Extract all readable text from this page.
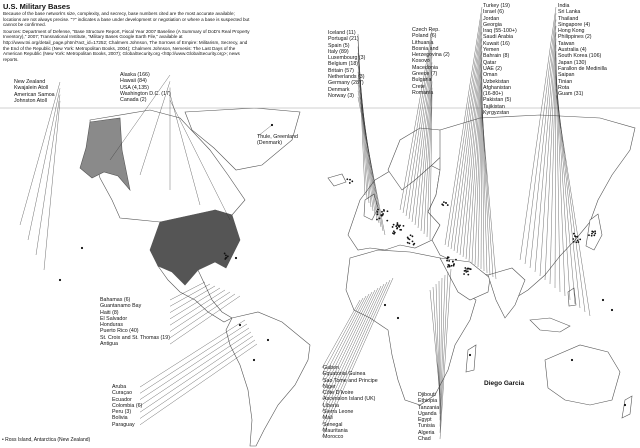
U.S. Military Bases

Because of the base network's size, complexity, and secrecy, base numbers cited are the most accurate available; locations are not always precise. "?" indicates a base under development or negotiation or where a base is suspected but cannot be confirmed.

Sources: Department of Defense, "Base Structure Report, Fiscal Year 2007 Baseline (A Summary of DoD's Real Property Inventory)," 2007; Transnational Institute, "Military Bases Google Earth File," available at http://www.tni.org/detail_page.phtml?act_id=17252; Chalmers Johnson, The Sorrows of Empire: Militarism, Secrecy, and the End of the Republic (New York: Metropolitan Books, 2004); Chalmers Johnson, Nemesis: The Last Days of the American Republic (New York: Metropolitan Books, 2007); GlobalSecurity.org <http://www.GlobalSecurity.org>; news reports.

New Zealand
Kwajalein Atoll
American Samoa
Johnston Atoll
Alaska (166)
Hawaii (84)
USA (4,135)
Washington D.C. (17)
Canada (2)
Thule, Greenland
(Denmark)
Bahamas (6)
Guantanamo Bay
Haiti (8)
El Salvador
Honduras
Puerto Rico (40)
St. Croix and St. Thomas (19)
Antigua
Aruba
Curaçao
Ecuador
Colombia (6)
Peru (3)
Bolivia
Paraguay
Iceland (11)
Portugal (21)
Spain (5)
Italy (89)
Luxembourg (3)
Belgium (18)
Britain (57)
Netherlands (3)
Germany (287)
Denmark
Norway (3)
Czech Rep.
Poland (6)
Lithuania
Bosnia and
Herzegovina (2)
Kosovo
Macedonia
Greece (7)
Bulgaria
Crete
Romania
Turkey (19)
Israel (6)
Jordan
Georgia
Iraq (55-100+)
Saudi Arabia
Kuwait (16)
Yemen
Bahrain (8)
Qatar
UAE (2)
Oman
Uzbekistan
Afghanistan
(16-80+)
Pakistan (5)
Tajikistan
Kyrgyzstan
India
Sri Lanka
Thailand
Singapore (4)
Hong Kong
Philippines (2)
Taiwan
Australia (4)
South Korea (106)
Japan (130)
Farallon de Medinilla
Saipan
Tinian
Rota
Guam (31)
Gabon
Equatorial Guinea
Sao Tome and Principe
Niger
Côte D'Ivoire
Ascension Island (UK)
Liberia
Sierra Leone
Mali
Senegal
Mauritania
Morocco
Djibouti
Ethiopia
Tanzania
Uganda
Egypt
Tunisia
Algeria
Chad
Diego Garcia
• Ross Island, Antarctica (New Zealand)
